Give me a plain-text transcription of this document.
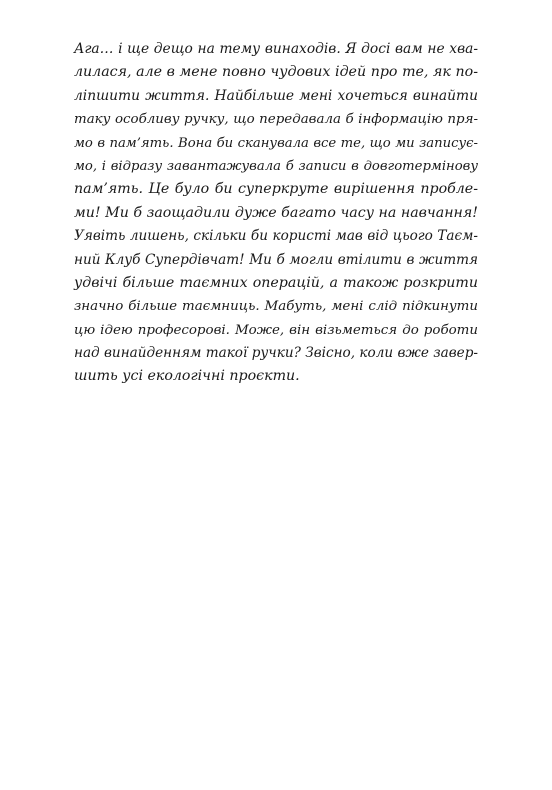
Ага… і ще дещо на тему винаходів. Я досі вам не хва-
лилася, але в мене повно чудових ідей про те, як по-
ліпшити життя. Найбільше мені хочеться винайти
таку особливу ручку, що передавала б інформацію пря-
мо в пам’ять. Вона би сканувала все те, що ми записує-
мо, і відразу завантажувала б записи в довготермінову
пам’ять. Це було би суперкруте вирішення пробле-
ми! Ми б заощадили дуже багато часу на навчання!
Уявіть лишень, скільки би користі мав від цього Таєм-
ний Клуб Супердівчат! Ми б могли втілити в життя
удвічі більше таємних операцій, а також розкрити
значно більше таємниць. Мабуть, мені слід підкинути
цю ідею професорові. Може, він візьметься до роботи
над винайденням такої ручки? Звісно, коли вже завер-
шить усі екологічні проєкти.
